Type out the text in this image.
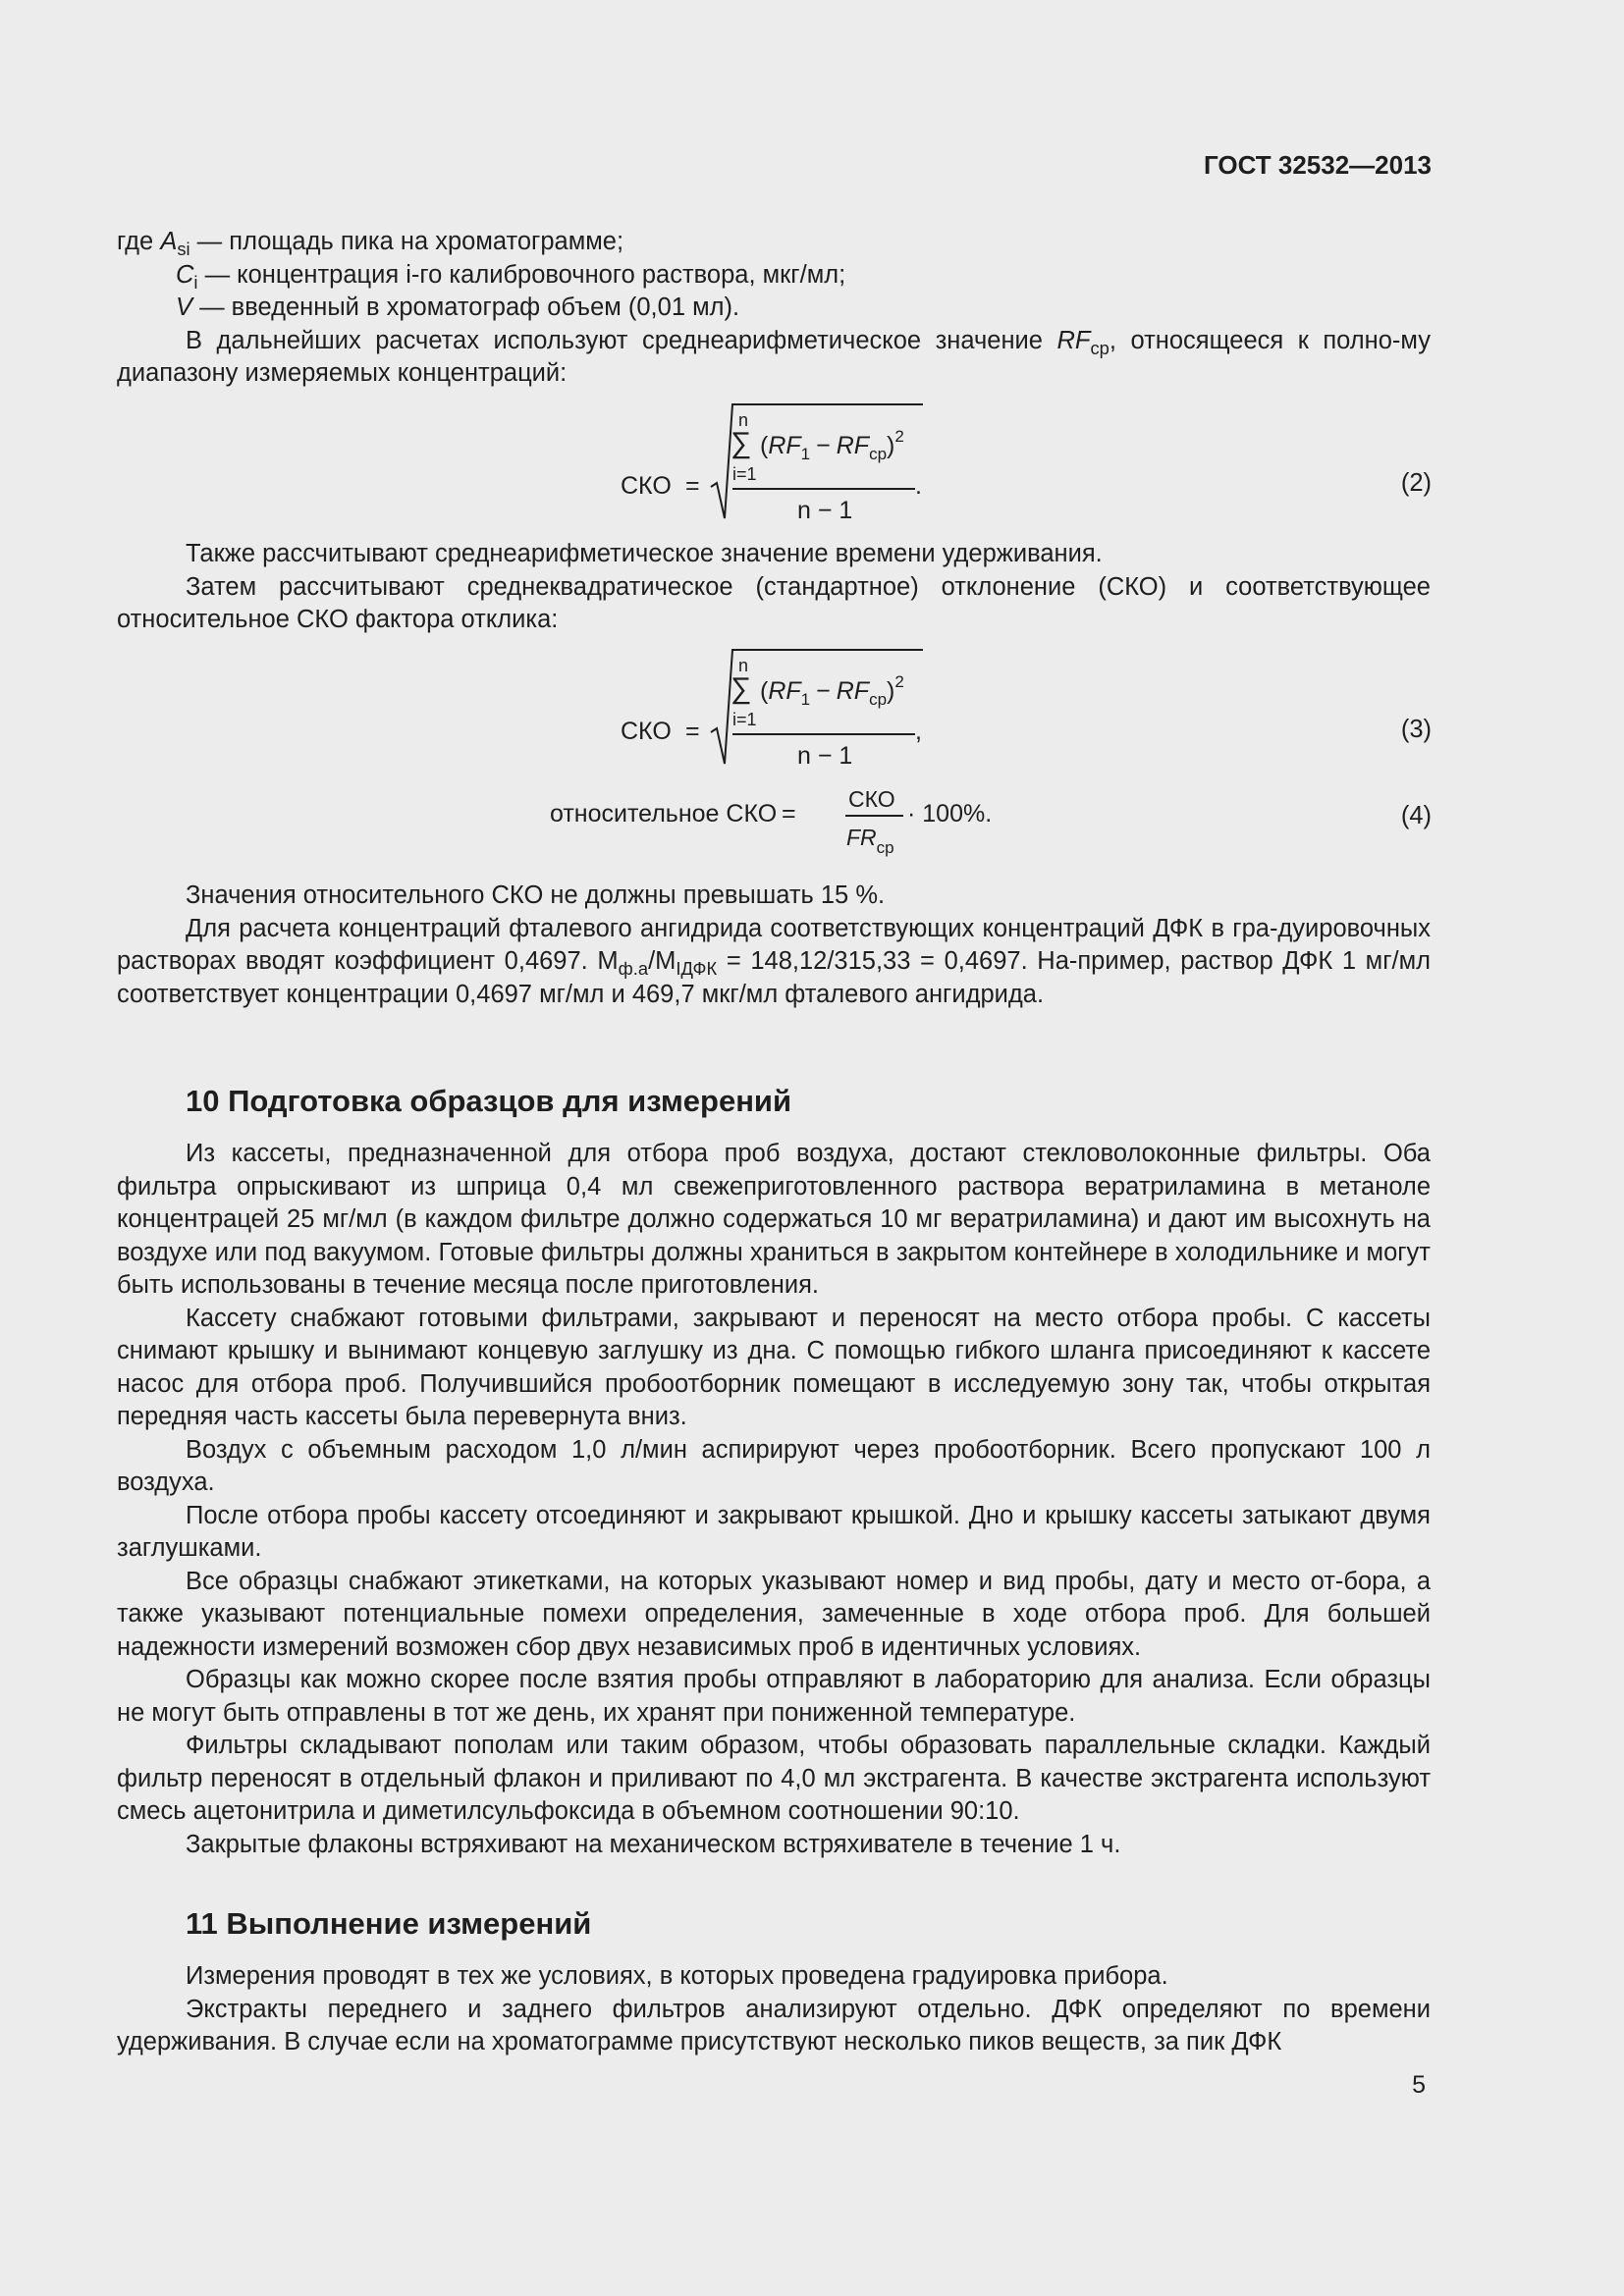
ГОСТ 32532—2013

где $A_{si}$ — площадь пика на хроматограмме;

$C_i$ — концентрация i-го калибровочного раствора, мкг/мл;

V — введенный в хроматограф объем (0,01 мл).

В дальнейших расчетах используют среднеарифметическое значение $RF_{ср}$, относящееся к полно-му диапазону измеряемых концентраций:

СКО =
n
∑
i=1
$(RF_1 - RF_{ср})^2$
n − 1
.	(2)

Также рассчитывают среднеарифметическое значение времени удерживания.

Затем рассчитывают среднеквадратическое (стандартное) отклонение (СКО) и соответствующее относительное СКО фактора отклика:

СКО =
n
∑
i=1
$(RF_1 - RF_{ср})^2$
n − 1
,	(3)
относительное СКО =
СКО
$FR_{ср}$
· 100%.	(4)

Значения относительного СКО не должны превышать 15 %.

Для расчета концентраций фталевого ангидрида соответствующих концентраций ДФК в гра-дуировочных растворах вводят коэффициент 0,4697. $M_{ф.а}/M_{IДФК} = 148,12/315,33 = 0,4697$. На-пример, раствор ДФК 1 мг/мл соответствует концентрации 0,4697 мг/мл и 469,7 мкг/мл фталевого ангидрида.

10 Подготовка образцов для измерений

Из кассеты, предназначенной для отбора проб воздуха, достают стекловолоконные фильтры. Оба фильтра опрыскивают из шприца 0,4 мл свежеприготовленного раствора вератриламина в метаноле концентрацей 25 мг/мл (в каждом фильтре должно содержаться 10 мг вератриламина) и дают им высохнуть на воздухе или под вакуумом. Готовые фильтры должны храниться в закрытом контейнере в холодильнике и могут быть использованы в течение месяца после приготовления.

Кассету снабжают готовыми фильтрами, закрывают и переносят на место отбора пробы. С кассеты снимают крышку и вынимают концевую заглушку из дна. С помощью гибкого шланга присоединяют к кассете насос для отбора проб. Получившийся пробоотборник помещают в исследуемую зону так, чтобы открытая передняя часть кассеты была перевернута вниз.

Воздух с объемным расходом 1,0 л/мин аспирируют через пробоотборник. Всего пропускают 100 л воздуха.

После отбора пробы кассету отсоединяют и закрывают крышкой. Дно и крышку кассеты затыкают двумя заглушками.

Все образцы снабжают этикетками, на которых указывают номер и вид пробы, дату и место от-бора, а также указывают потенциальные помехи определения, замеченные в ходе отбора проб. Для большей надежности измерений возможен сбор двух независимых проб в идентичных условиях.

Образцы как можно скорее после взятия пробы отправляют в лабораторию для анализа. Если образцы не могут быть отправлены в тот же день, их хранят при пониженной температуре.

Фильтры складывают пополам или таким образом, чтобы образовать параллельные складки. Каждый фильтр переносят в отдельный флакон и приливают по 4,0 мл экстрагента. В качестве экстрагента используют смесь ацетонитрила и диметилсульфоксида в объемном соотношении 90:10.

Закрытые флаконы встряхивают на механическом встряхивателе в течение 1 ч.

11 Выполнение измерений

Измерения проводят в тех же условиях, в которых проведена градуировка прибора.

Экстракты переднего и заднего фильтров анализируют отдельно. ДФК определяют по времени удерживания. В случае если на хроматограмме присутствуют несколько пиков веществ, за пик ДФК

5
